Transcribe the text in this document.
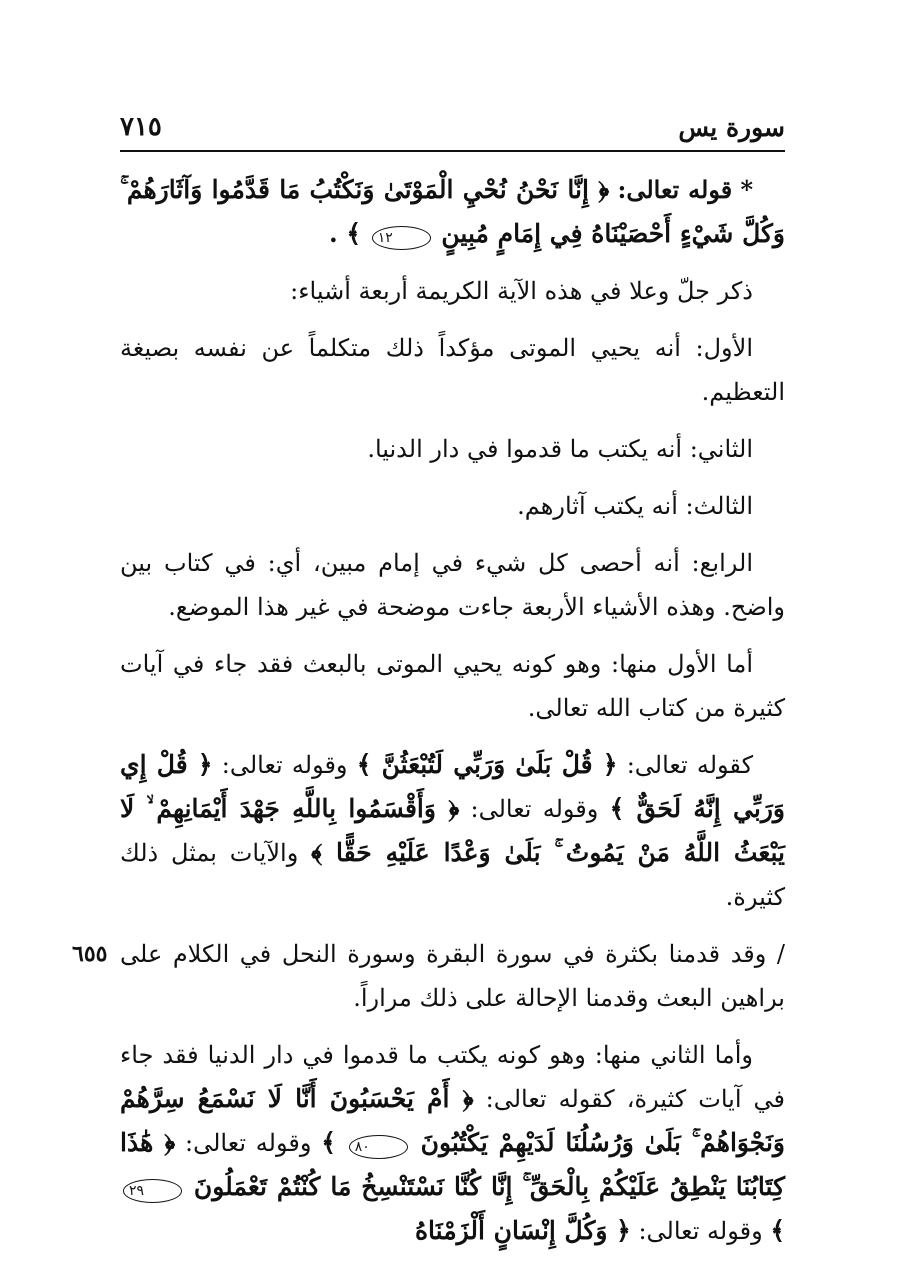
سورة يس
٧١٥

* قوله تعالى: ﴿ إِنَّا نَحْنُ نُحْيِ الْمَوْتَىٰ وَنَكْتُبُ مَا قَدَّمُوا وَآثَارَهُمْ ۚ وَكُلَّ شَيْءٍ أَحْصَيْنَاهُ فِي إِمَامٍ مُبِينٍ ١٢ ﴾ .

ذكر جلّ وعلا في هذه الآية الكريمة أربعة أشياء:

الأول: أنه يحيي الموتى مؤكداً ذلك متكلماً عن نفسه بصيغة التعظيم.

الثاني: أنه يكتب ما قدموا في دار الدنيا.

الثالث: أنه يكتب آثارهم.

الرابع: أنه أحصى كل شيء في إمام مبين، أي: في كتاب بين واضح. وهذه الأشياء الأربعة جاءت موضحة في غير هذا الموضع.

أما الأول منها: وهو كونه يحيي الموتى بالبعث فقد جاء في آيات كثيرة من كتاب الله تعالى.

كقوله تعالى: ﴿ قُلْ بَلَىٰ وَرَبِّي لَتُبْعَثُنَّ ﴾ وقوله تعالى: ﴿ قُلْ إِي وَرَبِّي إِنَّهُ لَحَقٌّ ﴾ وقوله تعالى: ﴿ وَأَقْسَمُوا بِاللَّهِ جَهْدَ أَيْمَانِهِمْ ۙ لَا يَبْعَثُ اللَّهُ مَنْ يَمُوتُ ۚ بَلَىٰ وَعْدًا عَلَيْهِ حَقًّا ﴾ والآيات بمثل ذلك كثيرة.

٦٥٥ / وقد قدمنا بكثرة في سورة البقرة وسورة النحل في الكلام على براهين البعث وقدمنا الإحالة على ذلك مراراً.

وأما الثاني منها: وهو كونه يكتب ما قدموا في دار الدنيا فقد جاء في آيات كثيرة، كقوله تعالى: ﴿ أَمْ يَحْسَبُونَ أَنَّا لَا نَسْمَعُ سِرَّهُمْ وَنَجْوَاهُمْ ۚ بَلَىٰ وَرُسُلُنَا لَدَيْهِمْ يَكْتُبُونَ ٨٠ ﴾ وقوله تعالى: ﴿ هَٰذَا كِتَابُنَا يَنْطِقُ عَلَيْكُمْ بِالْحَقِّ ۚ إِنَّا كُنَّا نَسْتَنْسِخُ مَا كُنْتُمْ تَعْمَلُونَ ٢٩ ﴾ وقوله تعالى: ﴿ وَكُلَّ إِنْسَانٍ أَلْزَمْنَاهُ
